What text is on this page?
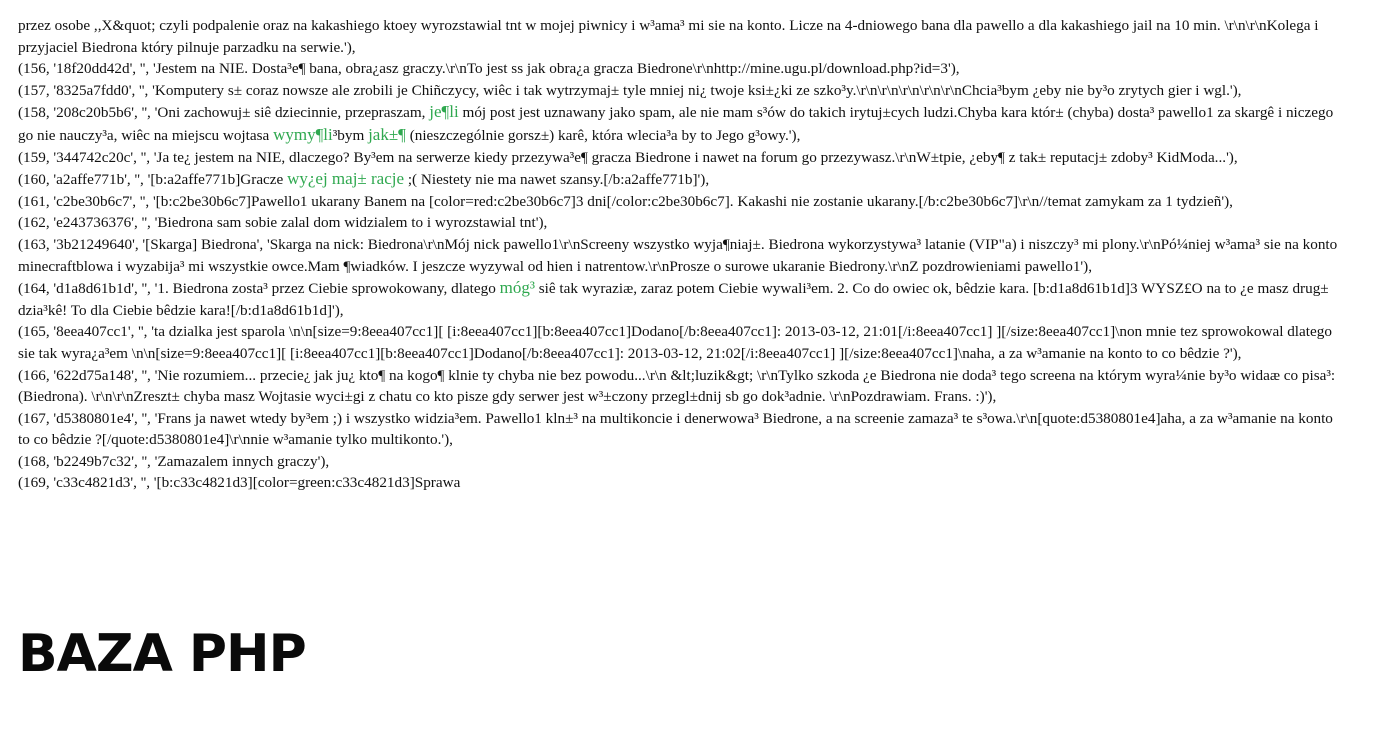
przez osobe ,,X&quot; czyli podpalenie oraz na kakashiego ktoey wyrozstawial tnt w mojej piwnicy i w³ama³ mi sie na konto. Licze na 4-dniowego bana dla pawello a dla kakashiego jail na 10 min. \r\n\r\nKolega i przyjaciel Biedrona który pilnuje parzadku na serwie.'),
(156, '18f20dd42d', '', 'Jestem na NIE. Dosta³e¶ bana, obra¿asz graczy.\r\nTo jest ss jak obra¿a gracza Biedrone\r\nhttp://mine.ugu.pl/download.php?id=3'),
(157, '8325a7fdd0', '', 'Komputery s± coraz nowsze ale zrobili je Chiñczycy, wiêc i tak wytrzymaj± tyle mniej ni¿ twoje ksi±¿ki ze szko³y.\r\n\r\n\r\n\r\n\r\nChcia³bym ¿eby nie by³o zrytych gier i wgl.'),
(158, '208c20b5b6', '', 'Oni zachowuj± siê dziecinnie, przepraszam, je¶li mój post jest uznawany jako spam, ale nie mam s³ów do takich irytuj±cych ludzi.Chyba kara któr± (chyba) dosta³ pawello1 za skargê i niczego go nie nauczy³a, wiêc na miejscu wojtasa wymy¶li³bym jak±¶ (nieszczególnie gorsz±) karê, która wlecia³a by to Jego g³owy.'),
(159, '344742c20c', '', 'Ja te¿ jestem na NIE, dlaczego? By³em na serwerze kiedy przezywa³e¶ gracza Biedrone i nawet na forum go przezywasz.\r\nW±tpie, ¿eby¶ z tak± reputacj± zdoby³ KidModa...'),
(160, 'a2affe771b', '', '[b:a2affe771b]Gracze wy¿ej maj± racje ;( Niestety nie ma nawet szansy.[/b:a2affe771b]'),
(161, 'c2be30b6c7', '', '[b:c2be30b6c7]Pawello1 ukarany Banem na [color=red:c2be30b6c7]3 dni[/color:c2be30b6c7]. Kakashi nie zostanie ukarany.[/b:c2be30b6c7]\r\n//temat zamykam za 1 tydzieñ'),
(162, 'e243736376', '', 'Biedrona sam sobie zalal dom widzialem to i wyrozstawial tnt'),
(163, '3b21249640', '[Skarga] Biedrona', 'Skarga na nick: Biedrona\r\nMój nick pawello1\r\nScreeny wszystko wyja¶niaj±. Biedrona wykorzystywa³ latanie (VIP"a) i niszczy³ mi plony.\r\nPó¼niej w³ama³ sie na konto minecraftblowa i wyzabija³ mi wszystkie owce.Mam ¶wiadków. I jeszcze wyzywal od hien i natrentow.\r\nProsze o surowe ukaranie Biedrony.\r\nZ pozdrowieniami pawello1'),
(164, 'd1a8d61b1d', '', '1. Biedrona zosta³ przez Ciebie sprowokowany, dlatego móg³ siê tak wyraziæ, zaraz potem Ciebie wywali³em. 2. Co do owiec ok, bêdzie kara. [b:d1a8d61b1d]3 WYSZ£O na to ¿e masz drug± dzia³kê! To dla Ciebie bêdzie kara![/b:d1a8d61b1d]'),
(165, '8eea407cc1', '', 'ta dzialka jest sparola \n\n[size=9:8eea407cc1][ [i:8eea407cc1][b:8eea407cc1]Dodano[/b:8eea407cc1]: 2013-03-12, 21:01[/i:8eea407cc1] ][/size:8eea407cc1]\non mnie tez sprowokowal dlatego sie tak wyra¿a³em \n\n[size=9:8eea407cc1][ [i:8eea407cc1][b:8eea407cc1]Dodano[/b:8eea407cc1]: 2013-03-12, 21:02[/i:8eea407cc1] ][/size:8eea407cc1]\naha, a za w³amanie na konto to co bêdzie ?'),
(166, '622d75a148', '', 'Nie rozumiem... przecie¿ jak ju¿ kto¶ na kogo¶ klnie ty chyba nie bez powodu...\r\n &lt;luzik&gt; \r\nTylko szkoda ¿e Biedrona nie doda³ tego screena na którym wyra¼nie by³o widaæ co pisa³: (Biedrona). \r\n\r\nZreszt± chyba masz Wojtasie wyci±gi z chatu co kto pisze gdy serwer jest w³±czony przegl±dnij sb go dok³adnie. \r\nPozdrawiam. Frans. :)'),
(167, 'd5380801e4', '', 'Frans ja nawet wtedy by³em ;) i wszystko widzia³em. Pawello1 kln±³ na multikoncie i denerwowa³ Biedrone, a na screenie zamaza³ te s³owa.\r\n[quote:d5380801e4]aha, a za w³amanie na konto to co bêdzie ?[/quote:d5380801e4]\r\nnie w³amanie tylko multikonto.'),
(168, 'b2249b7c32', '', 'Zamazalem innych graczy'),
(169, 'c33c4821d3', '', '[b:c33c4821d3][color=green:c33c4821d3]Sprawa
BAZA PHP
